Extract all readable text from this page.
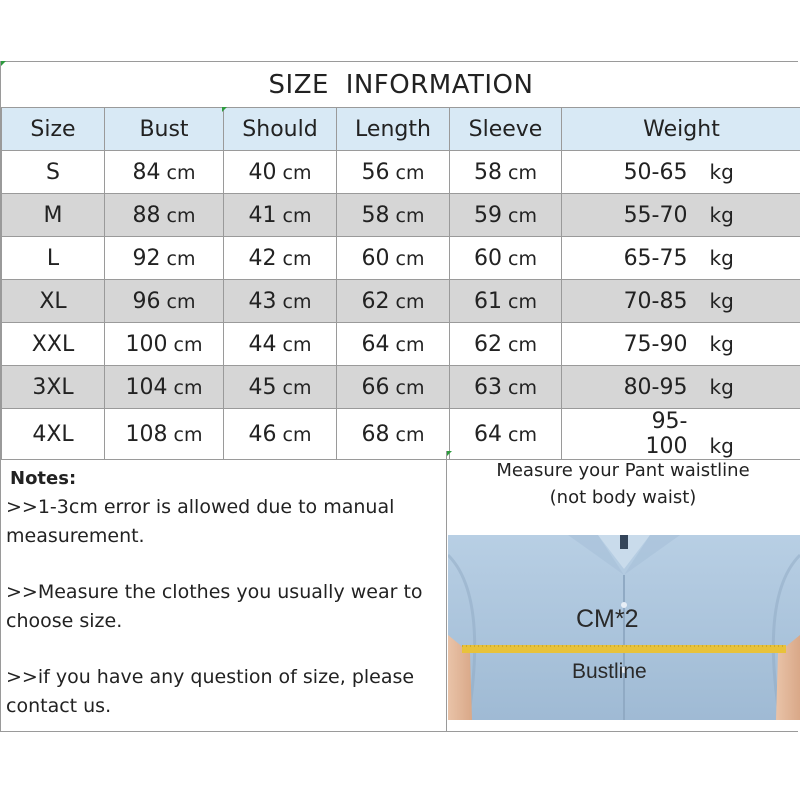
SIZE INFORMATION
Size	Bust	Should	Length	Sleeve	Weight
S	84 cm	40 cm	56 cm	58 cm	50-65 kg
M	88 cm	41 cm	58 cm	59 cm	55-70 kg
L	92 cm	42 cm	60 cm	60 cm	65-75 kg
XL	96 cm	43 cm	62 cm	61 cm	70-85 kg
XXL	100 cm	44 cm	64 cm	62 cm	75-90 kg
3XL	104 cm	45 cm	66 cm	63 cm	80-95 kg
4XL	108 cm	46 cm	68 cm	64 cm	95-100 kg
Notes:

>>1-3cm error is allowed due to manual measurement.

>>Measure the clothes you usually wear to choose size.

>>if you have any question of size, please contact us.

Measure your Pant waistline
(not body waist)
CM*2
Bustline
